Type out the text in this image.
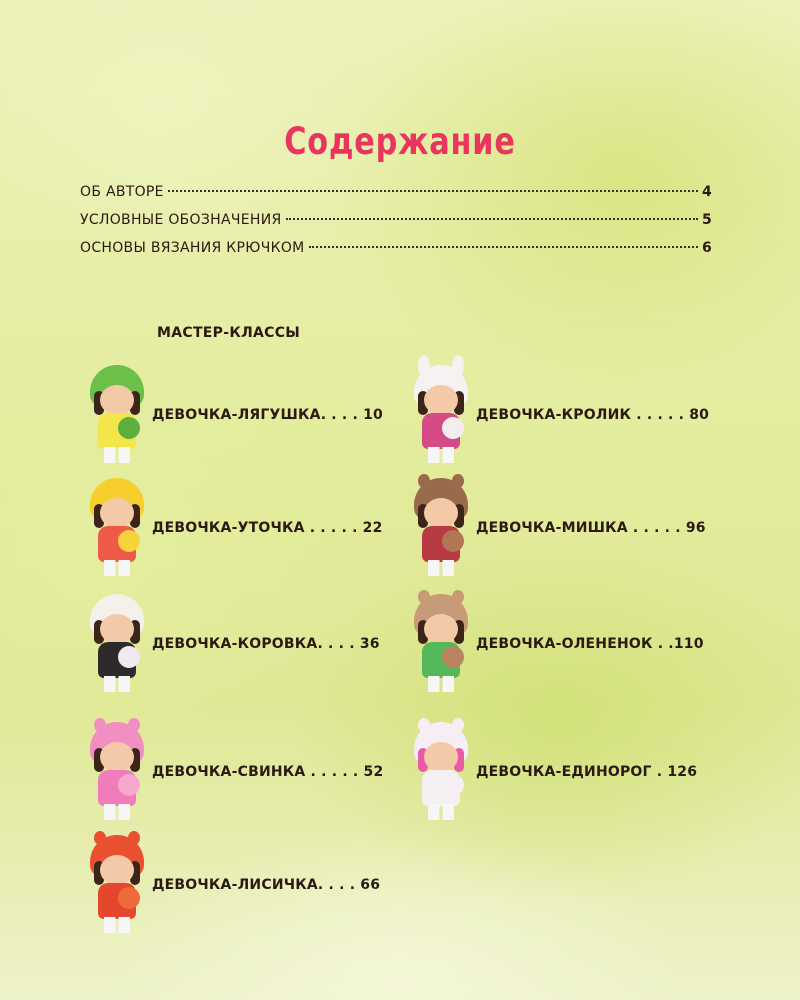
Содержание
ОБ АВТОРЕ	4
УСЛОВНЫЕ ОБОЗНАЧЕНИЯ	5
ОСНОВЫ ВЯЗАНИЯ КРЮЧКОМ	6
МАСТЕР-КЛАССЫ
ДЕВОЧКА-ЛЯГУШКА. . . . 10
ДЕВОЧКА-УТОЧКА . . . . . 22
ДЕВОЧКА-КОРОВКА. . . . 36
ДЕВОЧКА-СВИНКА . . . . . 52
ДЕВОЧКА-ЛИСИЧКА. . . . 66
ДЕВОЧКА-КРОЛИК . . . . . 80
ДЕВОЧКА-МИШКА . . . . . 96
ДЕВОЧКА-ОЛЕНЕНОК . .110
ДЕВОЧКА-ЕДИНОРОГ . 126
